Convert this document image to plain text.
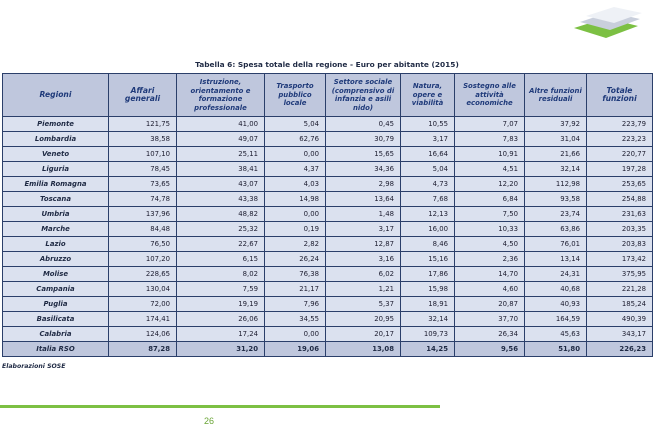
Tabella 6: Spesa totale della regione - Euro per abitante (2015)
Regioni	Affari generali	Istruzione, orientamento e formazione professionale	Trasporto pubblico locale	Settore sociale (comprensivo di infanzia e asili nido)	Natura, opere e viabilità	Sostegno alle attività economiche	Altre funzioni residuali	Totale funzioni
Piemonte	121,75	41,00	5,04	0,45	10,55	7,07	37,92	223,79
Lombardia	38,58	49,07	62,76	30,79	3,17	7,83	31,04	223,23
Veneto	107,10	25,11	0,00	15,65	16,64	10,91	21,66	220,77
Liguria	78,45	38,41	4,37	34,36	5,04	4,51	32,14	197,28
Emilia Romagna	73,65	43,07	4,03	2,98	4,73	12,20	112,98	253,65
Toscana	74,78	43,38	14,98	13,64	7,68	6,84	93,58	254,88
Umbria	137,96	48,82	0,00	1,48	12,13	7,50	23,74	231,63
Marche	84,48	25,32	0,19	3,17	16,00	10,33	63,86	203,35
Lazio	76,50	22,67	2,82	12,87	8,46	4,50	76,01	203,83
Abruzzo	107,20	6,15	26,24	3,16	15,16	2,36	13,14	173,42
Molise	228,65	8,02	76,38	6,02	17,86	14,70	24,31	375,95
Campania	130,04	7,59	21,17	1,21	15,98	4,60	40,68	221,28
Puglia	72,00	19,19	7,96	5,37	18,91	20,87	40,93	185,24
Basilicata	174,41	26,06	34,55	20,95	32,14	37,70	164,59	490,39
Calabria	124,06	17,24	0,00	20,17	109,73	26,34	45,63	343,17
Italia RSO	87,28	31,20	19,06	13,08	14,25	9,56	51,80	226,23
Elaborazioni SOSE
26
